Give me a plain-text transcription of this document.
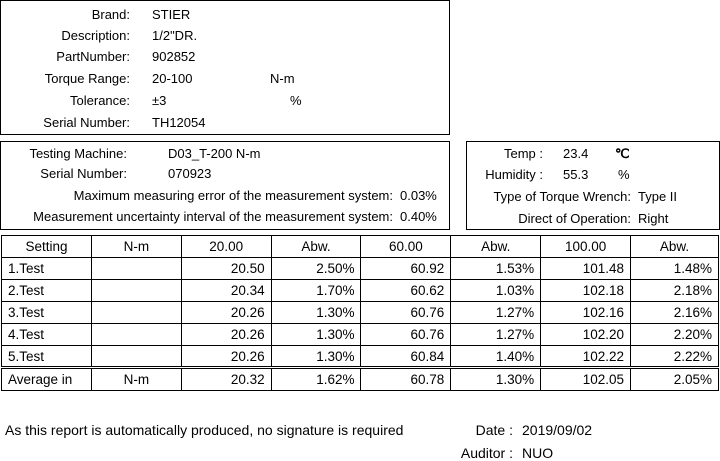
Brand: STIER
Description: 1/2"DR.
PartNumber: 902852
Torque Range: 20-100	N-m
Tolerance: ±3	%
Serial Number: TH12054
Testing Machine:	D03_T-200 N-m
Serial Number:	070923
Maximum measuring error of the measurement system: 0.03%
Measurement uncertainty interval of the measurement system: 0.40%
Temp : 23.4 ℃
Humidity : 55.3 %
Type of Torque Wrench: Type II
Direct of Operation: Right
Setting	N-m	20.00	Abw.	60.00	Abw.	100.00	Abw.
1.Test		20.50	2.50%	60.92	1.53%	101.48	1.48%
2.Test		20.34	1.70%	60.62	1.03%	102.18	2.18%
3.Test		20.26	1.30%	60.76	1.27%	102.16	2.16%
4.Test		20.26	1.30%	60.76	1.27%	102.20	2.20%
5.Test		20.26	1.30%	60.84	1.40%	102.22	2.22%
Average in	N-m	20.32	1.62%	60.78	1.30%	102.05	2.05%
As this report is automatically produced, no signature is required	Date : 2019/09/02
Auditor : NUO
